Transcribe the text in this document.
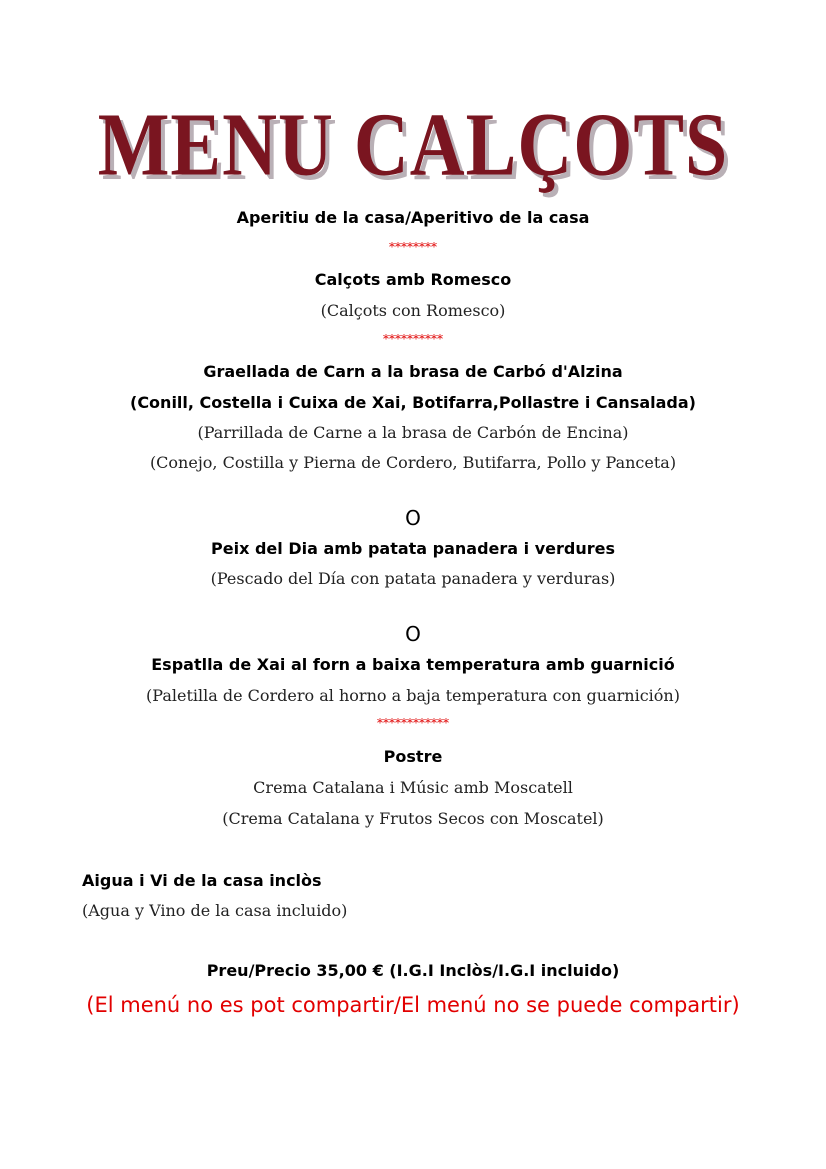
MENU CALÇOTS
Aperitiu de la casa/Aperitivo de la casa
********
Calçots amb Romesco
(Calçots con Romesco)
**********
Graellada de Carn a la brasa de Carbó d'Alzina
(Conill, Costella i Cuixa de Xai, Botifarra,Pollastre i Cansalada)
(Parrillada de Carne a la brasa de Carbón de Encina)
(Conejo, Costilla y Pierna de Cordero, Butifarra, Pollo y Panceta)
O
Peix del Dia amb patata panadera i verdures
(Pescado del Día con patata panadera y verduras)
O
Espatlla de Xai al forn a baixa temperatura amb guarnició
(Paletilla de Cordero al horno a baja temperatura con guarnición)
************
Postre
Crema Catalana i Músic amb Moscatell
(Crema Catalana y Frutos Secos con Moscatel)
Aigua i Vi de la casa inclòs
(Agua y Vino de la casa incluido)
Preu/Precio 35,00 € (I.G.I Inclòs/I.G.I incluido)
(El menú no es pot compartir/El menú no se puede compartir)
